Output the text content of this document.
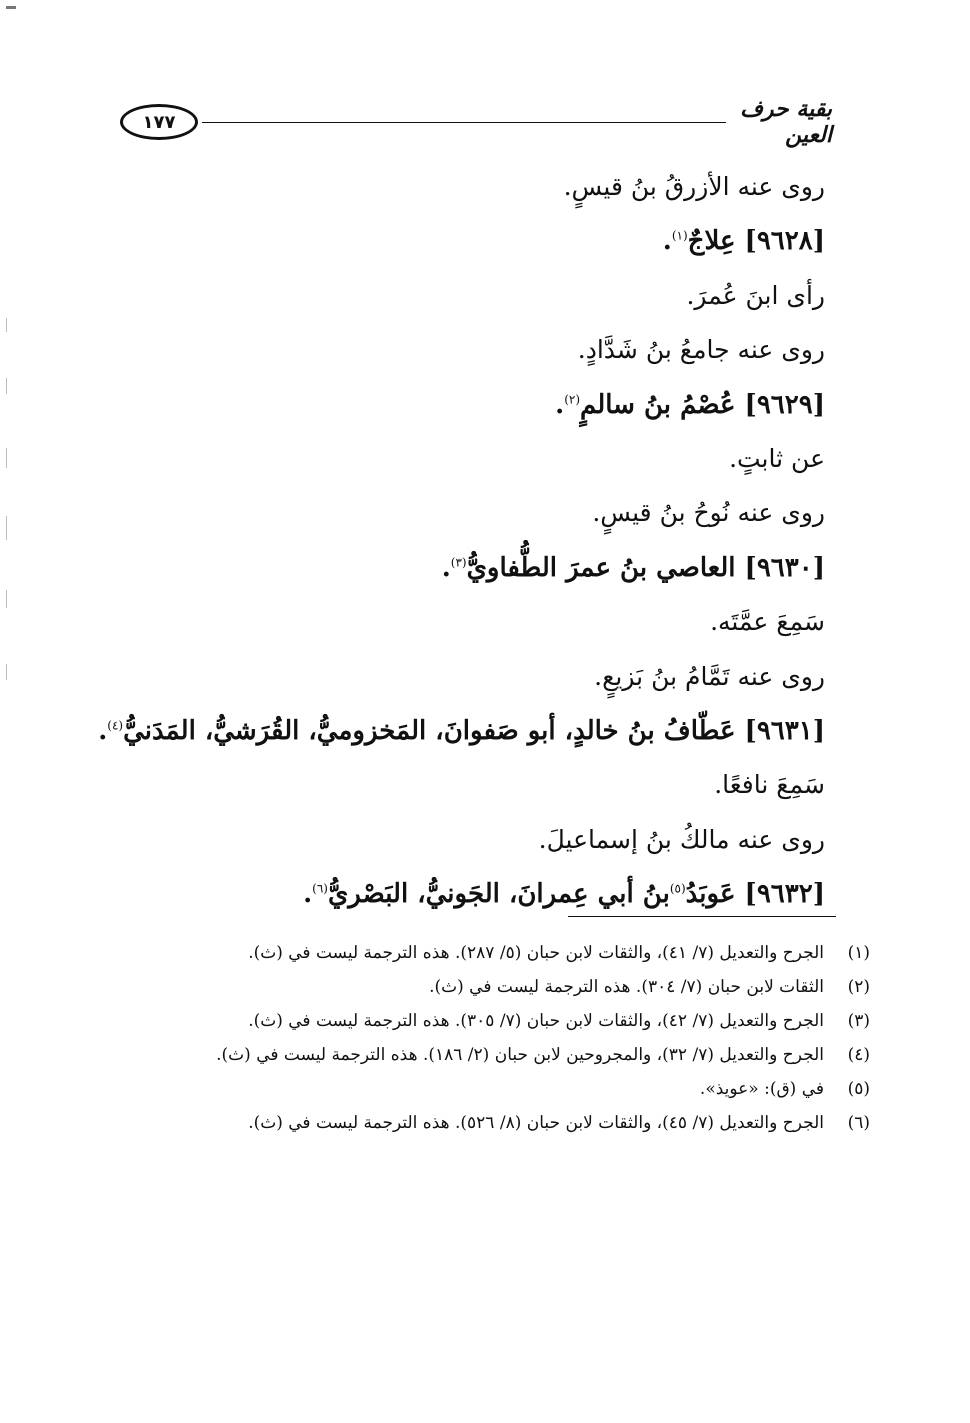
١٧٧	بقية حرف العين
روى عنه الأزرقُ بنُ قيسٍ.
[٩٦٢٨] عِلاجٌ$^{(١)}$.
رأى ابنَ عُمرَ.
روى عنه جامعُ بنُ شَدَّادٍ.
[٩٦٢٩] عُصْمُ بنُ سالمٍ$^{(٢)}$.
عن ثابتٍ.
روى عنه نُوحُ بنُ قيسٍ.
[٩٦٣٠] العاصي بنُ عمرَ الطُّفاويُّ$^{(٣)}$.
سَمِعَ عمَّتَه.
روى عنه تَمَّامُ بنُ بَزيعٍ.
[٩٦٣١] عَطّافُ بنُ خالدٍ، أبو صَفوانَ، المَخزوميُّ، القُرَشيُّ، المَدَنيُّ$^{(٤)}$.
سَمِعَ نافعًا.
روى عنه مالكُ بنُ إسماعيلَ.
[٩٦٣٢] عَوبَدُ$^{(٥)}$بنُ أبي عِمرانَ، الجَونيُّ، البَصْريُّ$^{(٦)}$.
(١)
الجرح والتعديل (٧/ ٤١)، والثقات لابن حبان (٥/ ٢٨٧). هذه الترجمة ليست في (ث).
(٢)
الثقات لابن حبان (٧/ ٣٠٤). هذه الترجمة ليست في (ث).
(٣)
الجرح والتعديل (٧/ ٤٢)، والثقات لابن حبان (٧/ ٣٠٥). هذه الترجمة ليست في (ث).
(٤)
الجرح والتعديل (٧/ ٣٢)، والمجروحين لابن حبان (٢/ ١٨٦). هذه الترجمة ليست في (ث).
(٥)
في (ق): «عويذ».
(٦)
الجرح والتعديل (٧/ ٤٥)، والثقات لابن حبان (٨/ ٥٢٦). هذه الترجمة ليست في (ث).
